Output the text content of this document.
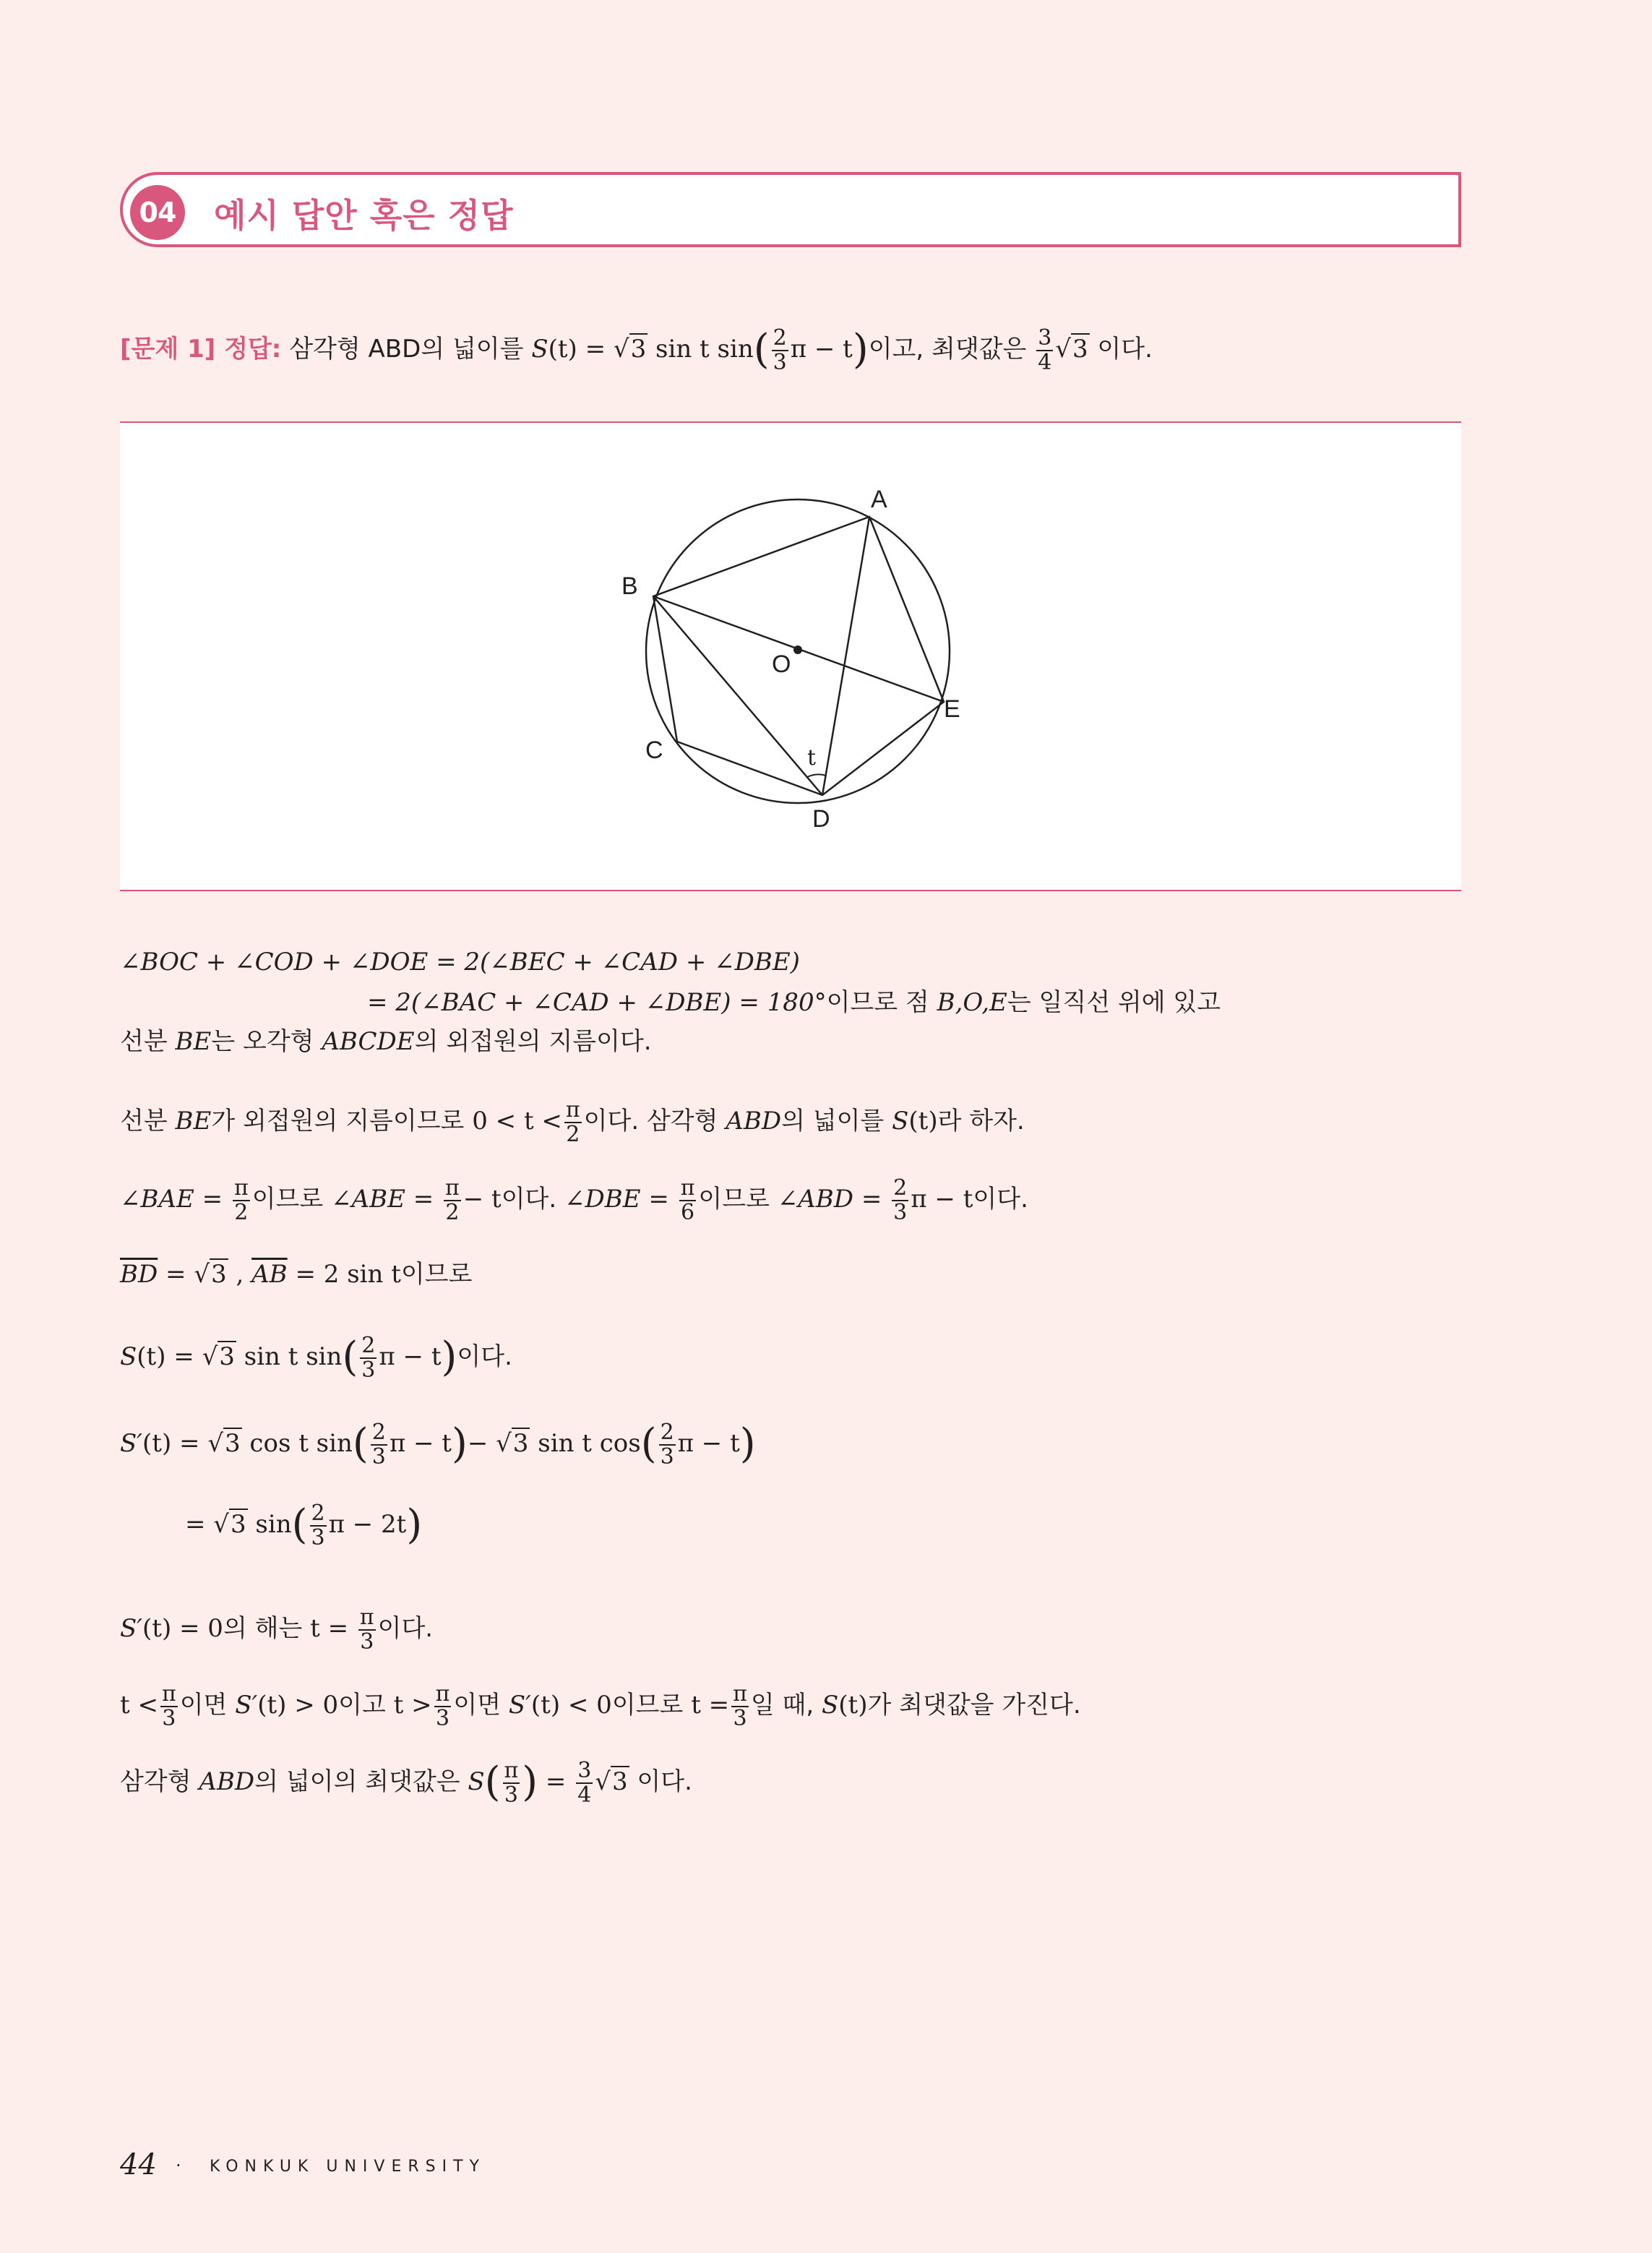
04 예시 답안 혹은 정답
[문제 1] 정답: 삼각형 ABD의 넓이를 S(t) = √3 sin t $\sin( \frac{2}{3}$ π − t)이고, 최댓값은 $\frac{3}{4} √3$ 이다.
A
B
C
D
E
O
t
∠BOC + ∠COD + ∠DOE = 2(∠BEC + ∠CAD + ∠DBE)
= 2(∠BAC + ∠CAD + ∠DBE) = 180°이므로 점 B,O,E는 일직선 위에 있고
선분 BE는 오각형 ABCDE의 외접원의 지름이다.
선분 BE가 외접원의 지름이므로 $0 < t < \frac{\pi}{2}$ 이다. 삼각형 ABD의 넓이를 S(t)라 하자.
∠BAE = $\frac{\pi}{2}$ 이므로 ∠ABE = $\frac{\pi}{2} - t$이다. ∠DBE = $\frac{\pi}{6}$ 이므로 ∠ABD = $\frac{2}{3}$ π − t이다.
$\overline{BD} = √3$ , $\overline{AB} = 2$ sin t이므로
S(t) = √3 sin t $\sin( \frac{2}{3}$ π − t)이다.
S′(t) = √3 cos t $\sin( \frac{2}{3}$ π − t)− √3 sin t $\cos( \frac{2}{3}$ π − t)
= √3 $\sin( \frac{2}{3}$ π − 2t)
S′(t) = 0의 해는 $t = \frac{\pi}{3}$ 이다.
$t < \frac{\pi}{3}$ 이면 S′(t) > 0이고 $t > \frac{\pi}{3}$ 이면 S′(t) < 0이므로 $t = \frac{\pi}{3}$ 일 때, S(t)가 최댓값을 가진다.
삼각형 ABD의 넓이의 최댓값은 $S( \frac{\pi}{3}$ ) = $\frac{3}{4} √3$ 이다.
44 · KONKUK UNIVERSITY
